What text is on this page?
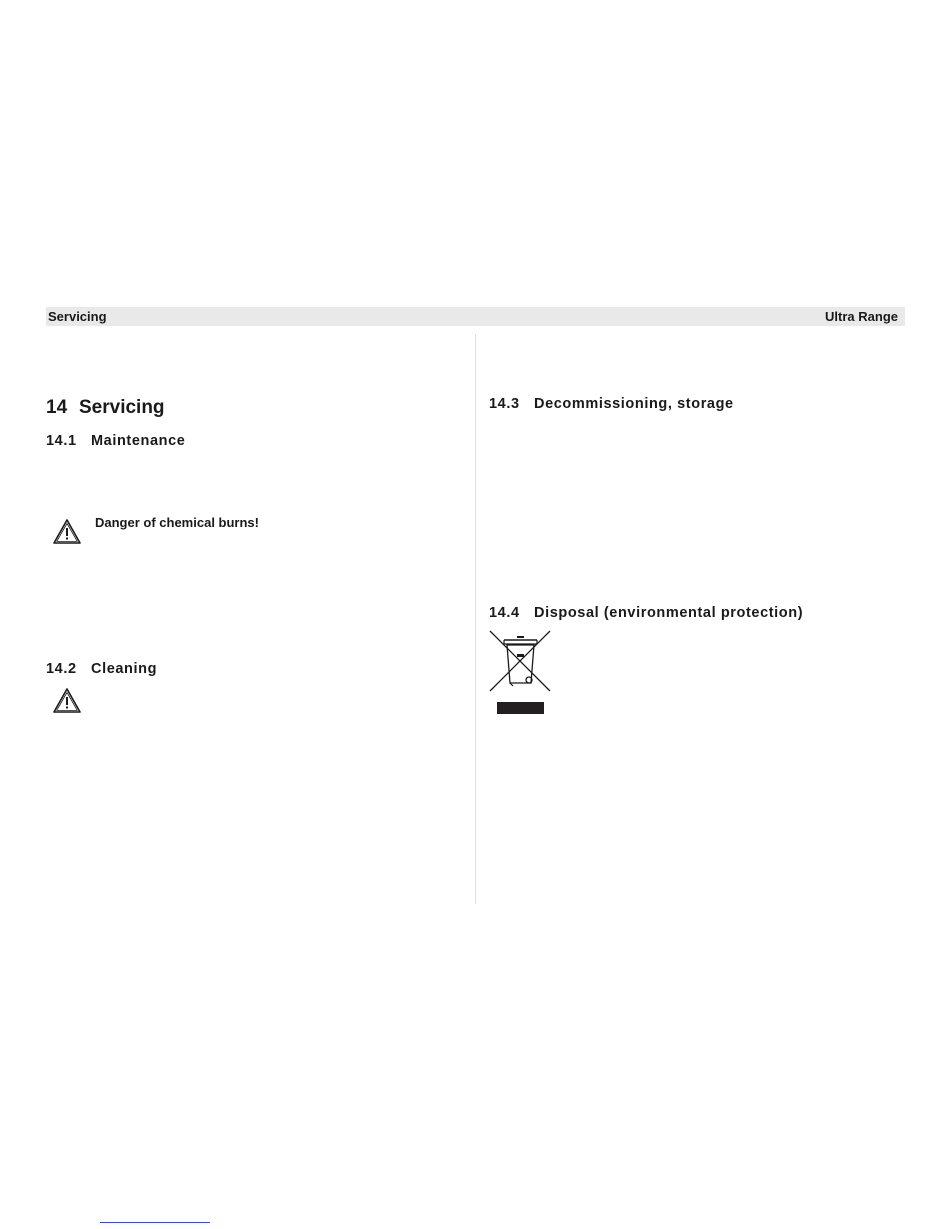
Servicing	Ultra Range
14 Servicing
14.1 Maintenance
Danger of chemical burns!
14.2 Cleaning
14.3 Decommissioning, storage
14.4 Disposal (environmental protection)
